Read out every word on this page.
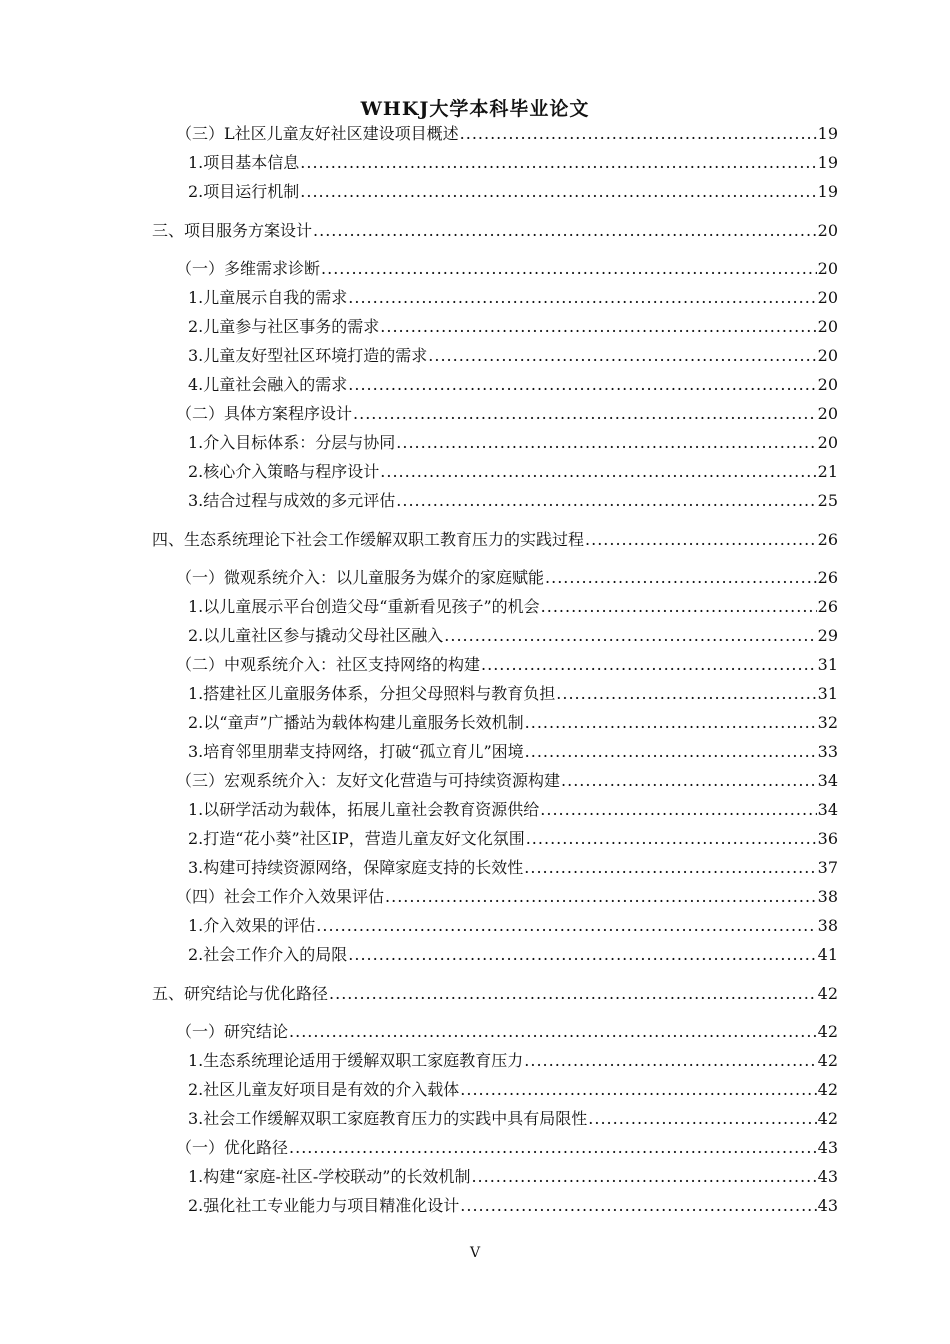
WHKJ大学本科毕业论文
（三）L社区儿童友好社区建设项目概述 .....	19
1.项目基本信息 .....	19
2.项目运行机制 .....	19
三、项目服务方案设计 .....	20
（一）多维需求诊断 .....	20
1.儿童展示自我的需求 .....	20
2.儿童参与社区事务的需求 .....	20
3.儿童友好型社区环境打造的需求 .....	20
4.儿童社会融入的需求 .....	20
（二）具体方案程序设计 .....	20
1.介入目标体系：分层与协同 .....	20
2.核心介入策略与程序设计 .....	21
3.结合过程与成效的多元评估 .....	25
四、生态系统理论下社会工作缓解双职工教育压力的实践过程 .....	26
（一）微观系统介入：以儿童服务为媒介的家庭赋能 .....	26
1.以儿童展示平台创造父母“重新看见孩子”的机会 .....	26
2.以儿童社区参与撬动父母社区融入 .....	29
（二）中观系统介入：社区支持网络的构建 .....	31
1.搭建社区儿童服务体系，分担父母照料与教育负担 .....	31
2.以“童声”广播站为载体构建儿童服务长效机制 .....	32
3.培育邻里朋辈支持网络，打破“孤立育儿”困境 .....	33
（三）宏观系统介入：友好文化营造与可持续资源构建 .....	34
1.以研学活动为载体，拓展儿童社会教育资源供给 .....	34
2.打造“花小葵”社区IP，营造儿童友好文化氛围 .....	36
3.构建可持续资源网络，保障家庭支持的长效性 .....	37
（四）社会工作介入效果评估 .....	38
1.介入效果的评估 .....	38
2.社会工作介入的局限 .....	41
五、研究结论与优化路径 .....	42
（一）研究结论 .....	42
1.生态系统理论适用于缓解双职工家庭教育压力 .....	42
2.社区儿童友好项目是有效的介入载体 .....	42
3.社会工作缓解双职工家庭教育压力的实践中具有局限性 .....	42
（一）优化路径 .....	43
1.构建“家庭-社区-学校联动”的长效机制 .....	43
2.强化社工专业能力与项目精准化设计 .....	43
V
